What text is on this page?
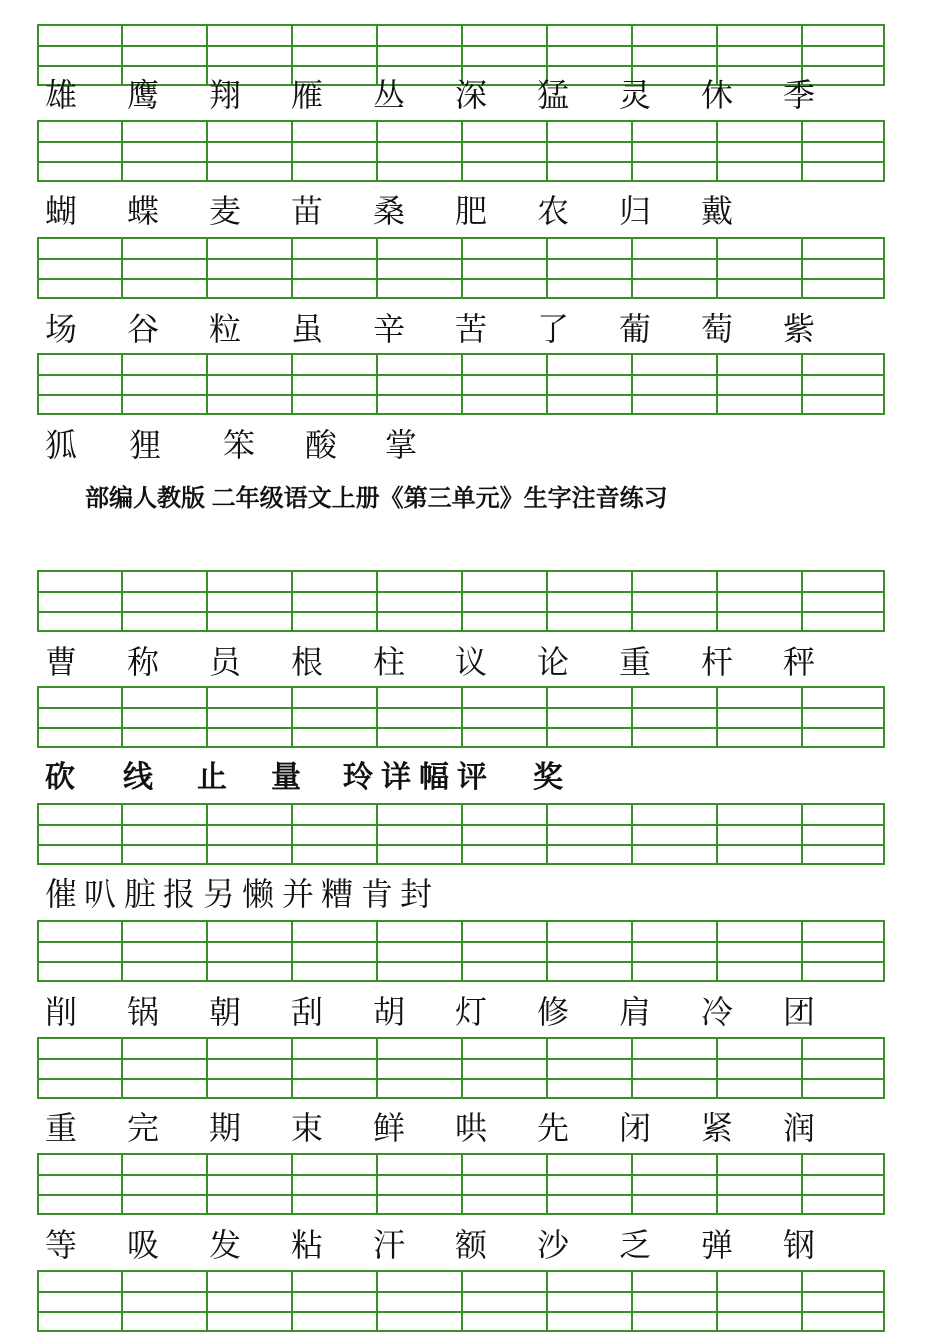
雄	鹰	翔	雁	丛	深	猛	灵	休	季
蝴	蝶	麦	苗	桑	肥	农	归	戴
场	谷	粒	虽	辛	苦	了	葡	萄	紫
狐	狸	笨	酸	掌
曹	称	员	根	柱	议	论	重	杆	秤
砍	线	止	量	玲 详 幅 评	奖
催 叭 脏 报 另 懒 并 糟 肯 封
削	锅	朝	刮	胡	灯	修	肩	冷	团
重	完	期	束	鲜	哄	先	闭	紧	润
等	吸	发	粘	汗	额	沙	乏	弹	钢
部编人教版 二年级语文上册《第三单元》生字注音练习
